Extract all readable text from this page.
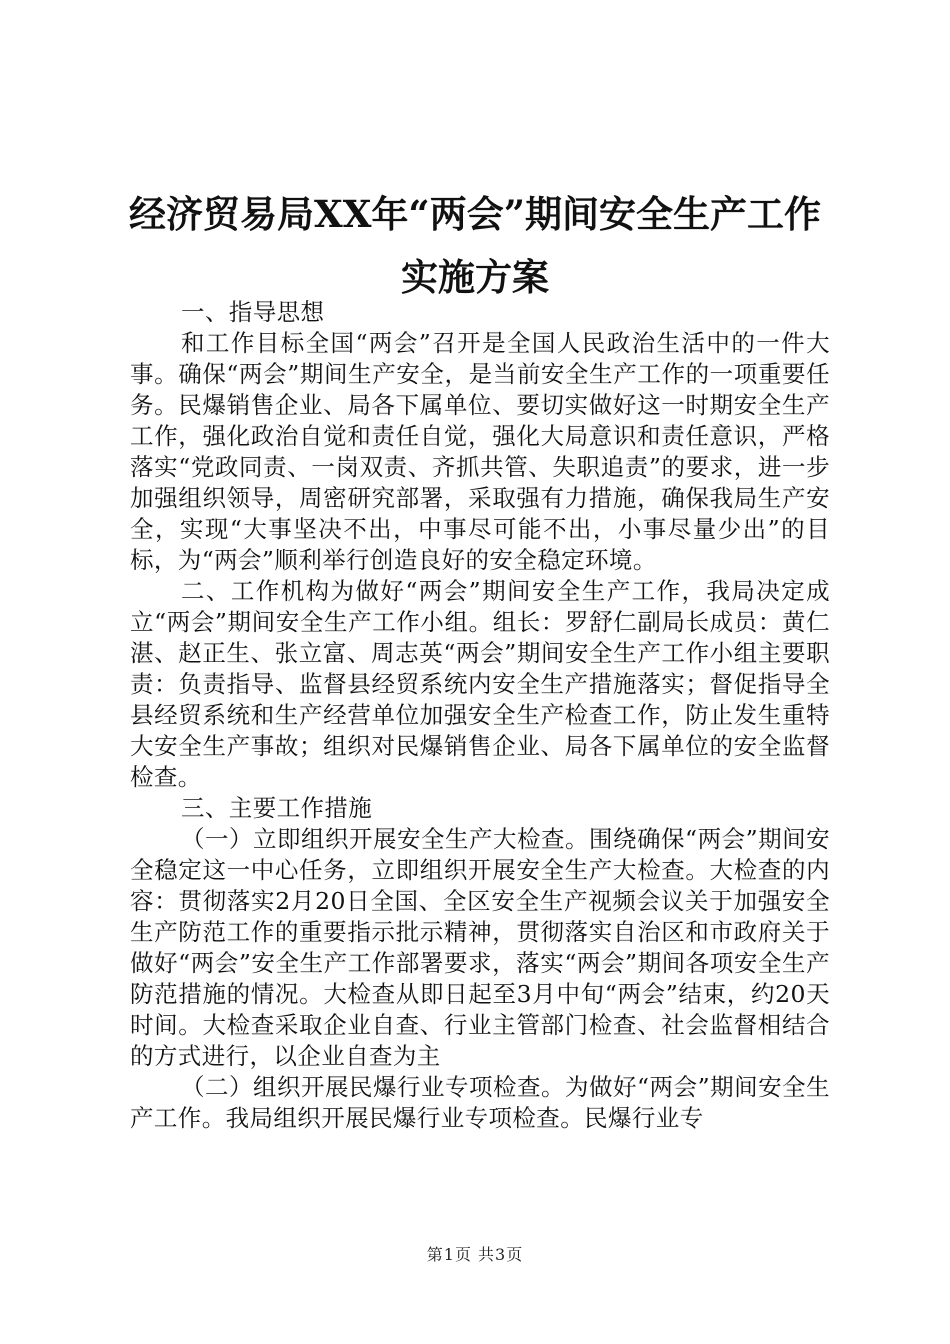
经济贸易局XX年“两会”期间安全生产工作
实施方案

一、指导思想

和工作目标全国“两会”召开是全国人民政治生活中的一件大事。确保“两会”期间生产安全，是当前安全生产工作的一项重要任务。民爆销售企业、局各下属单位、要切实做好这一时期安全生产工作，强化政治自觉和责任自觉，强化大局意识和责任意识，严格落实“党政同责、一岗双责、齐抓共管、失职追责”的要求，进一步加强组织领导，周密研究部署，采取强有力措施，确保我局生产安全，实现“大事坚决不出，中事尽可能不出，小事尽量少出”的目标，为“两会”顺利举行创造良好的安全稳定环境。

二、工作机构为做好“两会”期间安全生产工作，我局决定成立“两会”期间安全生产工作小组。组长：罗舒仁副局长成员：黄仁湛、赵正生、张立富、周志英“两会”期间安全生产工作小组主要职责：负责指导、监督县经贸系统内安全生产措施落实；督促指导全县经贸系统和生产经营单位加强安全生产检查工作，防止发生重特大安全生产事故；组织对民爆销售企业、局各下属单位的安全监督检查。

三、主要工作措施

（一）立即组织开展安全生产大检查。围绕确保“两会”期间安全稳定这一中心任务，立即组织开展安全生产大检查。大检查的内容：贯彻落实2月20日全国、全区安全生产视频会议关于加强安全生产防范工作的重要指示批示精神，贯彻落实自治区和市政府关于做好“两会”安全生产工作部署要求，落实“两会”期间各项安全生产防范措施的情况。大检查从即日起至3月中旬“两会”结束，约20天时间。大检查采取企业自查、行业主管部门检查、社会监督相结合的方式进行，以企业自查为主

（二）组织开展民爆行业专项检查。为做好“两会”期间安全生产工作。我局组织开展民爆行业专项检查。民爆行业专

第1页 共3页
